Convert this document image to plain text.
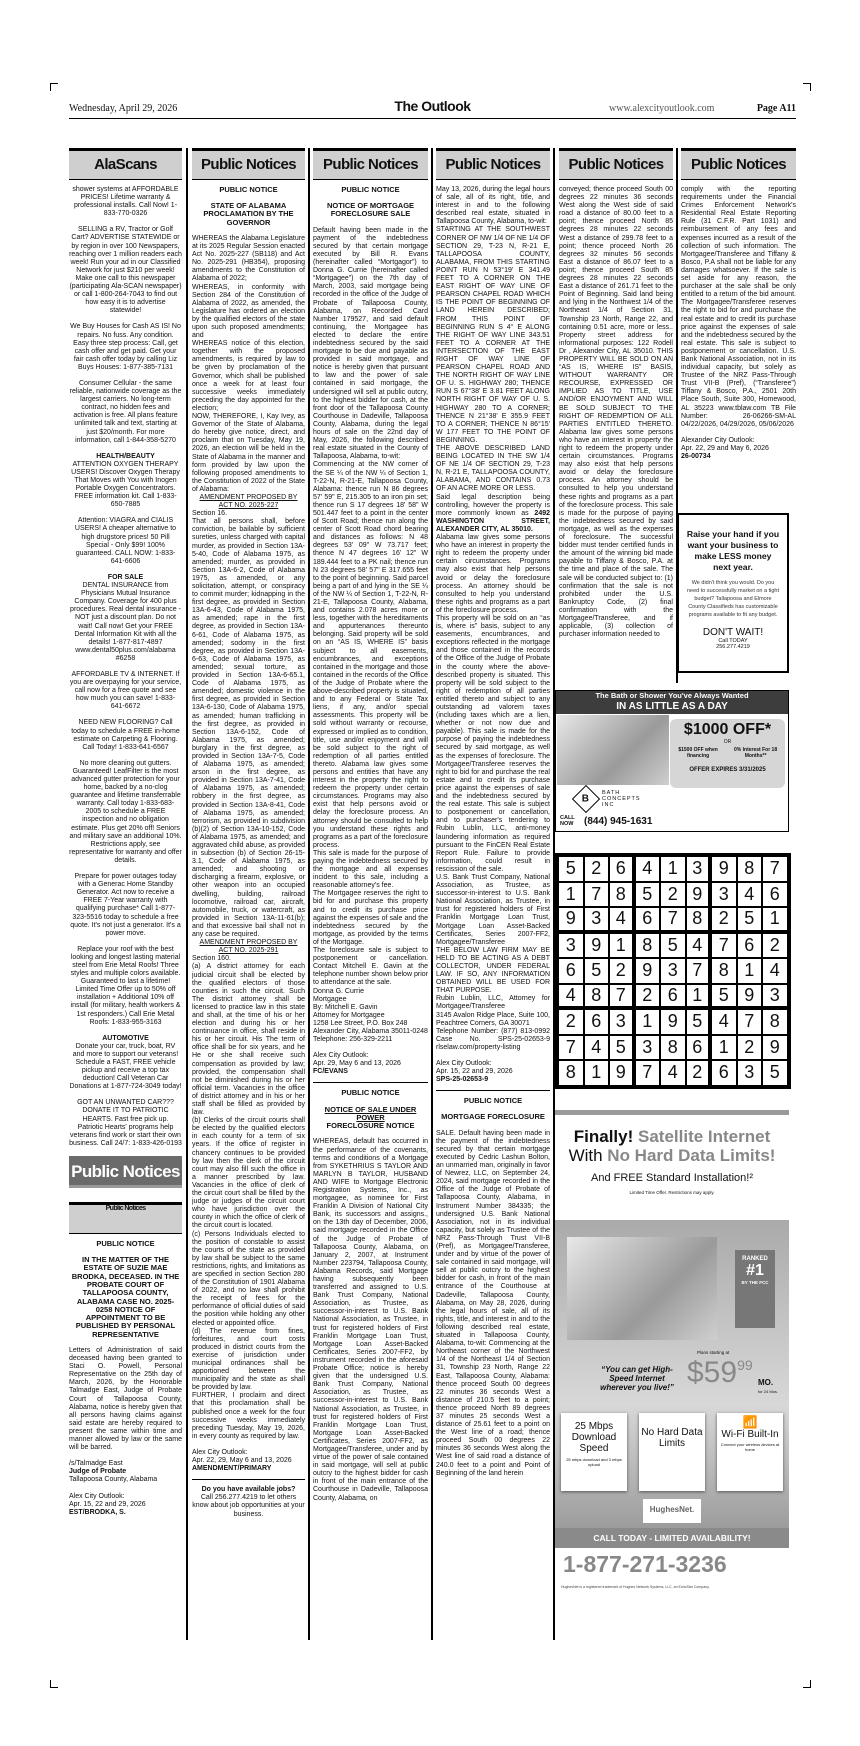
Wednesday, April 29, 2026	The Outlook	www.alexcityoutlook.com	Page A11
AlaScans
shower systems at AFFORDABLE PRICES! Lifetime warranty & professional installs. Call Now! 1-833-770-0326
SELLING a RV, Tractor or Golf Cart? ADVERTISE STATEWIDE or by region in over 100 Newspapers, reaching over 1 million readers each week! Run your ad in our Classified Network for just $210 per week! Make one call to this newspaper (participating Ala-SCAN newspaper) or call 1-800-264-7043 to find out how easy it is to advertise statewide!
We Buy Houses for Cash AS IS! No repairs. No fuss. Any condition. Easy three step process: Call, get cash offer and get paid. Get your fair cash offer today by calling Liz Buys Houses: 1-877-385-7131
Consumer Cellular - the same reliable, nationwide coverage as the largest carriers. No long-term contract, no hidden fees and activation is free. All plans feature unlimited talk and text, starting at just $20/month. For more information, call 1-844-358-5270
HEALTH/BEAUTY
ATTENTION OXYGEN THERAPY USERS! Discover Oxygen Therapy That Moves with You with Inogen Portable Oxygen Concentrators. FREE information kit. Call 1-833-650-7885
Attention: VIAGRA and CIALIS USERS! A cheaper alternative to high drugstore prices! 50 Pill Special - Only $99! 100% guaranteed. CALL NOW: 1-833-641-6606
FOR SALE
DENTAL INSURANCE from Physicians Mutual Insurance Company. Coverage for 400 plus procedures. Real dental insurance - NOT just a discount plan. Do not wait! Call now! Get your FREE Dental Information Kit with all the details! 1-877-817-4897 www.dental50plus.com/alabama #6258
AFFORDABLE TV & INTERNET. If you are overpaying for your service, call now for a free quote and see how much you can save! 1-833-641-6672
NEED NEW FLOORING? Call today to schedule a FREE in-home estimate on Carpeting & Flooring. Call Today! 1-833-641-6567
No more cleaning out gutters. Guaranteed! LeafFilter is the most advanced gutter protection for your home, backed by a no-clog guarantee and lifetime transferrable warranty. Call today 1-833-683-2005 to schedule a FREE inspection and no obligation estimate. Plus get 20% off! Seniors and military save an additional 10%. Restrictions apply, see representative for warranty and offer details.
Prepare for power outages today with a Generac Home Standby Generator. Act now to receive a FREE 7-Year warranty with qualifying purchase* Call 1-877-323-5516 today to schedule a free quote. It's not just a generator. It's a power move.
Replace your roof with the best looking and longest lasting material steel from Erie Metal Roofs! Three styles and multiple colors available. Guaranteed to last a lifetime! Limited Time Offer up to 50% off installation + Additional 10% off install (for military, health workers & 1st responders.) Call Erie Metal Roofs: 1-833-955-3163
AUTOMOTIVE
Donate your car, truck, boat, RV and more to support our veterans! Schedule a FAST, FREE vehicle pickup and receive a top tax deduction! Call Veteran Car Donations at 1-877-724-3049 today!
GOT AN UNWANTED CAR??? DONATE IT TO PATRIOTIC HEARTS. Fast free pick up. Patriotic Hearts' programs help veterans find work or start their own business. Call 24/7: 1-833-426-0193
Public Notices
Public Notices
PUBLIC NOTICE
IN THE MATTER OF THE ESTATE OF SUZIE MAE BRODKA, DECEASED. IN THE PROBATE COURT OF TALLAPOOSA COUNTY, ALABAMA CASE NO. 2025-0258 NOTICE OF APPOINTMENT TO BE PUBLISHED BY PERSONAL REPRESENTATIVE
Letters of Administration of said deceased having been granted to Staci O. Powell, Personal Representative on the 25th day of March, 2026, by the Honorable Talmadge East, Judge of Probate Court of Tallapoosa County, Alabama, notice is hereby given that all persons having claims against said estate are hereby required to present the same within time and manner allowed by law or the same will be barred.
/s/Talmadge East
Judge of Probate
Tallapoosa County, Alabama
Alex City Outlook:
Apr. 15, 22 and 29, 2026
EST/BRODKA, S.
Public Notices
PUBLIC NOTICE
STATE OF ALABAMA PROCLAMATION BY THE GOVERNOR
WHEREAS the Alabama Legislature at its 2025 Regular Session enacted Act No. 2025-227 (SB118) and Act No. 2025-291 (HB354), proposing amendments to the Constitution of Alabama of 2022;
WHEREAS, in conformity with Section 284 of the Constitution of Alabama of 2022, as amended, the Legislature has ordered an election by the qualified electors of the state upon such proposed amendments; and
WHEREAS notice of this election, together with the proposed amendments, is required by law to be given by proclamation of the Governor, which shall be published once a week for at least four successive weeks immediately preceding the day appointed for the election;
NOW, THEREFORE, I, Kay Ivey, as Governor of the State of Alabama, do hereby give notice, direct, and proclaim that on Tuesday, May 19, 2026, an election will be held in the State of Alabama in the manner and form provided by law upon the following proposed amendments to the Constitution of 2022 of the State of Alabama:
AMENDMENT PROPOSED BY ACT NO. 2025-227
Section 16.
That all persons shall, before conviction, be bailable by sufficient sureties, unless charged with capital murder, as provided in Section 13A-5-40, Code of Alabama 1975, as amended; murder, as provided in Section 13A-6-2, Code of Alabama 1975, as amended, or any solicitation, attempt, or conspiracy to commit murder; kidnapping in the first degree, as provided in Section 13A-6-43, Code of Alabama 1975, as amended; rape in the first degree, as provided in Section 13A-6-61, Code of Alabama 1975, as amended; sodomy in the first degree, as provided in Section 13A-6-63, Code of Alabama 1975, as amended; sexual torture, as provided in Section 13A-6-65.1, Code of Alabama 1975, as amended; domestic violence in the first degree, as provided in Section 13A-6-130, Code of Alabama 1975, as amended; human trafficking in the first degree, as provided in Section 13A-6-152, Code of Alabama 1975, as amended; burglary in the first degree, as provided in Section 13A-7-5, Code of Alabama 1975, as amended; arson in the first degree, as provided in Section 13A-7-41, Code of Alabama 1975, as amended; robbery in the first degree, as provided in Section 13A-8-41, Code of Alabama 1975, as amended; terrorism, as provided in subdivision (b)(2) of Section 13A-10-152, Code of Alabama 1975, as amended; and aggravated child abuse, as provided in subsection (b) of Section 26-15-3.1, Code of Alabama 1975, as amended; and shooting or discharging a firearm, explosive, or other weapon into an occupied dwelling, building, railroad locomotive, railroad car, aircraft, automobile, truck, or watercraft, as provided in Section 13A-11-61(b); and that excessive bail shall not in any case be required.
AMENDMENT PROPOSED BY ACT NO. 2025-291
Section 160.
(a) A district attorney for each judicial circuit shall be elected by the qualified electors of those counties in such the circuit. Such The district attorney shall be licensed to practice law in this state and shall, at the time of his or her election and during his or her continuance in office, shall reside in his or her circuit. His The term of office shall be for six years, and he He or she shall receive such compensation as provided by law; provided, the compensation shall not be diminished during his or her official term. Vacancies in the office of district attorney and in his or her staff shall be filled as provided by law.
(b) Clerks of the circuit courts shall be elected by the qualified electors in each county for a term of six years. If the office of register in chancery continues to be provided by law then the clerk of the circuit court may also fill such the office in a manner prescribed by law. Vacancies in the office of clerk of the circuit court shall be filled by the judge or judges of the circuit court who have jurisdiction over the county in which the office of clerk of the circuit court is located.
(c) Persons Individuals elected to the position of constable to assist the courts of the state as provided by law shall be subject to the same restrictions, rights, and limitations as are specified in section Section 280 of the Constitution of 1901 Alabama of 2022, and no law shall prohibit the receipt of fees for the performance of official duties of said the position while holding any other elected or appointed office.
(d) The revenue from fines, forfeitures, and court costs produced in district courts from the exercise of jurisdiction under municipal ordinances shall be apportioned between the municipality and the state as shall be provided by law.
FURTHER, I proclaim and direct that this proclamation shall be published once a week for the four successive weeks immediately preceding Tuesday, May 19, 2026, in every county as required by law.
Alex City Outlook:
Apr. 22, 29, May 6 and 13, 2026
AMENDMENT/PRIMARY
Do you have available jobs?
Call 256.277.4219 to let others know about job opportunities at your business.
Public Notices
PUBLIC NOTICE
NOTICE OF MORTGAGE FORECLOSURE SALE
Default having been made in the payment of the indebtedness secured by that certain mortgage executed by Bill R. Evans (hereinafter called “Mortgagor”) to Donna G. Currie (hereinafter called “Mortgagee”) on the 7th day of March, 2003, said mortgage being recorded in the office of the Judge of Probate of Tallapoosa County, Alabama, on Recorded Card Number 179527, and said default continuing, the Mortgagee has elected to declare the entire indebtedness secured by the said mortgage to be due and payable as provided in said mortgage, and notice is hereby given that pursuant to law and the power of sale contained in said mortgage, the undersigned will sell at public outcry, to the highest bidder for cash, at the front door of the Tallapoosa County Courthouse in Dadeville, Tallapoosa County, Alabama, during the legal hours of sale on the 22nd day of May, 2026, the following described real estate situated in the County of Tallapoosa, Alabama, to-wit:
Commencing at the NW corner of the SE ¼ of the NW ¼ of Section 1, T-22-N, R-21-E, Tallapoosa County, Alabama: thence run N 86 degrees 57' 59" E, 215.305 to an iron pin set; thence run S 17 degrees 18' 58" W 501.447 feet to a point in the center of Scott Road; thence run along the center of Scott Road chord bearing and distances as follows: N 48 degrees 53' 09" W 73.717 feet; thence N 47 degrees 16' 12" W 189.444 feet to a PK nail; thence run N 23 degrees 58' 57" E 317.655 feet to the point of beginning. Said parcel being a part of and lying in the SE ¼ of the NW ¼ of Section 1, T-22-N, R-21-E, Tallapoosa County, Alabama, and contains 2.078 acres more or less, together with the hereditaments and appurtenances thereunto belonging. Said property will be sold on an “AS IS, WHERE IS” basis subject to all easements, encumbrances, and exceptions contained in the mortgage and those contained in the records of the Office of the Judge of Probate where the above-described property is situated, and to any Federal or State Tax liens, if any, and/or special assessments. This property will be sold without warranty or recourse, expressed or implied as to condition, title, use and/or enjoyment and will be sold subject to the right of redemption of all parties entitled thereto. Alabama law gives some persons and entities that have any interest in the property the right to redeem the property under certain circumstances. Programs may also exist that help persons avoid or delay the foreclosure process. An attorney should be consulted to help you understand these rights and programs as a part of the foreclosure process.
This sale is made for the purpose of paying the indebtedness secured by the mortgage and all expenses incident to this sale, including a reasonable attorney's fee.
The Mortgagee reserves the right to bid for and purchase this property and to credit its purchase price against the expenses of sale and the indebtedness secured by the mortgage, as provided by the terms of the Mortgage.
The foreclosure sale is subject to postponement or cancellation. Contact Mitchell E. Gavin at the telephone number shown below prior to attendance at the sale.
Donna G. Currie
Mortgagee
By: Mitchell E. Gavin
Attorney for Mortgagee
1258 Lee Street, P.O. Box 248
Alexander City, Alabama 35011-0248
Telephone: 256-329-2211
Alex City Outlook:
Apr. 29, May 6 and 13, 2026
FC/EVANS
PUBLIC NOTICE
NOTICE OF SALE UNDER POWER
FORECLOSURE NOTICE
WHEREAS, default has occurred in the performance of the covenants, terms and conditions of a Mortgage from SYKETHRIUS S TAYLOR AND MARLYN B TAYLOR, HUSBAND AND WIFE to Mortgage Electronic Registration Systems, Inc., as mortgagee, as nominee for First Franklin A Division of National City Bank, its successors and assigns., on the 13th day of December, 2006, said mortgage recorded in the Office of the Judge of Probate of Tallapoosa County, Alabama, on January 2, 2007, at Instrument Number 223794, Tallapoosa County, Alabama Records, said Mortgage having subsequently been transferred and assigned to U.S. Bank Trust Company, National Association, as Trustee, as successor-in-interest to U.S. Bank National Association, as Trustee, in trust for registered holders of First Franklin Mortgage Loan Trust, Mortgage Loan Asset-Backed Certificates, Series 2007-FF2, by instrument recorded in the aforesaid Probate Office; notice is hereby given that the undersigned U.S. Bank Trust Company, National Association, as Trustee, as successor-in-interest to U.S. Bank National Association, as Trustee, in trust for registered holders of First Franklin Mortgage Loan Trust, Mortgage Loan Asset-Backed Certificates, Series 2007-FF2, as Mortgagee/Transferee, under and by virtue of the power of sale contained in said mortgage, will sell at public outcry to the highest bidder for cash in front of the main entrance of the Courthouse in Dadeville, Tallapoosa County, Alabama, on
Public Notices
May 13, 2026, during the legal hours of sale, all of its right, title, and interest in and to the following described real estate, situated in Tallapoosa County, Alabama, to-wit:
STARTING AT THE SOUTHWEST CORNER OF NW 1/4 OF NE 1/4 OF SECTION 29, T-23 N, R-21 E, TALLAPOOSA COUNTY, ALABAMA, FROM THIS STARTING POINT RUN N 53°19' E 341.49 FEET TO A CORNER ON THE EAST RIGHT OF WAY LINE OF PEARSON CHAPEL ROAD WHICH IS THE POINT OF BEGINNING OF LAND HEREIN DESCRIBED; FROM THIS POINT OF BEGINNING RUN S 4° E ALONG THE RIGHT OF WAY LINE 343.51 FEET TO A CORNER AT THE INTERSECTION OF THE EAST RIGHT OF WAY LINE OF PEARSON CHAPEL ROAD AND THE NORTH RIGHT OF WAY LINE OF U. S. HIGHWAY 280; THENCE RUN S 67°38' E 3.81 FEET ALONG NORTH RIGHT OF WAY OF U. S. HIGHWAY 280 TO A CORNER; THENCE N 21°38' E 355.9 FEET TO A CORNER; THENCE N 86°15' W 177 FEET TO THE POINT OF BEGINNING.
THE ABOVE DESCRIBED LAND BEING LOCATED IN THE SW 1/4 OF NE 1/4 OF SECTION 29, T-23 N, R-21 E, TALLAPOOSA COUNTY, ALABAMA, AND CONTAINS 0.73 OF AN ACRE MORE OR LESS.
Said legal description being controlling, however the property is more commonly known as 2492 WASHINGTON STREET, ALEXANDER CITY, AL 35010.
Alabama law gives some persons who have an interest in property the right to redeem the property under certain circumstances. Programs may also exist that help persons avoid or delay the foreclosure process. An attorney should be consulted to help you understand these rights and programs as a part of the foreclosure process.
This property will be sold on an “as is, where is” basis, subject to any easements, encumbrances, and exceptions reflected in the mortgage and those contained in the records of the Office of the Judge of Probate in the county where the above-described property is situated. This property will be sold subject to the right of redemption of all parties entitled thereto and subject to any outstanding ad valorem taxes (including taxes which are a lien, whether or not now due and payable). This sale is made for the purpose of paying the indebtedness secured by said mortgage, as well as the expenses of foreclosure. The Mortgagee/Transferee reserves the right to bid for and purchase the real estate and to credit its purchase price against the expenses of sale and the indebtedness secured by the real estate. This sale is subject to postponement or cancellation, and to purchaser's tendering to Rubin Lublin, LLC, anti-money laundering information as required pursuant to the FinCEN Real Estate Report Rule. Failure to provide information, could result in rescission of the sale.
U.S. Bank Trust Company, National Association, as Trustee, as successor-in-interest to U.S. Bank National Association, as Trustee, in trust for registered holders of First Franklin Mortgage Loan Trust, Mortgage Loan Asset-Backed Certificates, Series 2007-FF2, Mortgagee/Transferee
THE BELOW LAW FIRM MAY BE HELD TO BE ACTING AS A DEBT COLLECTOR, UNDER FEDERAL LAW. IF SO, ANY INFORMATION OBTAINED WILL BE USED FOR THAT PURPOSE.
Rubin Lublin, LLC, Attorney for Mortgagee/Transferee
3145 Avalon Ridge Place, Suite 100, Peachtree Corners, GA 30071
Telephone Number: (877) 813-0992 Case No. SPS-25-02653-9 rlselaw.com/property-listing
Alex City Outlook:
Apr. 15, 22 and 29, 2026
SPS-25-02653-9
PUBLIC NOTICE
MORTGAGE FORECLOSURE
SALE. Default having been made in the payment of the indebtedness secured by that certain mortgage executed by Cedric Lashun Bolton, an unmarried man, originally in favor of Newrez, LLC, on September 24, 2024, said mortgage recorded in the Office of the Judge of Probate of Tallapoosa County, Alabama, in Instrument Number 384335; the undersigned U.S. Bank National Association, not in its individual capacity, but solely as Trustee of the NRZ Pass-Through Trust VII-B (Pref), as Mortgagee/Transferee, under and by virtue of the power of sale contained in said mortgage, will sell at public outcry to the highest bidder for cash, in front of the main entrance of the Courthouse at Dadeville, Tallapoosa County, Alabama, on May 28, 2026, during the legal hours of sale, all of its rights, title, and interest in and to the following described real estate, situated in Tallapoosa County, Alabama, to-wit: Commencing at the Northeast corner of the Northwest 1/4 of the Northeast 1/4 of Section 31, Township 23 North, Range 22 East, Tallapoosa County, Alabama: thence proceed South 00 degrees 22 minutes 36 seconds West a distance of 210.5 feet to a point; thence proceed North 89 degrees 37 minutes 25 seconds West a distance of 25.61 feet to a point on the West line of a road; thence proceed South 00 degrees 22 minutes 36 seconds West along the West line of said road a distance of 240.0 feet to a point and Point of Beginning of the land herein
Public Notices
conveyed; thence proceed South 00 degrees 22 minutes 36 seconds West along the West side of said road a distance of 80.00 feet to a point; thence proceed North 85 degrees 28 minutes 22 seconds West a distance of 299.78 feet to a point; thence proceed North 26 degrees 32 minutes 56 seconds East a distance of 86.07 feet to a point; thence proceed South 85 degrees 28 minutes 22 seconds East a distance of 261.71 feet to the Point of Beginning. Said land being and lying in the Northwest 1/4 of the Northeast 1/4 of Section 31, Township 23 North, Range 22, and containing 0.51 acre, more or less.. Property street address for informational purposes: 122 Rodell Dr , Alexander City, AL 35010. THIS PROPERTY WILL BE SOLD ON AN “AS IS, WHERE IS” BASIS, WITHOUT WARRANTY OR RECOURSE, EXPRESSED OR IMPLIED AS TO TITLE, USE AND/OR ENJOYMENT AND WILL BE SOLD SUBJECT TO THE RIGHT OF REDEMPTION OF ALL PARTIES ENTITLED THERETO. Alabama law gives some persons who have an interest in property the right to redeem the property under certain circumstances. Programs may also exist that help persons avoid or delay the foreclosure process. An attorney should be consulted to help you understand these rights and programs as a part of the foreclosure process. This sale is made for the purpose of paying the indebtedness secured by said mortgage, as well as the expenses of foreclosure. The successful bidder must tender certified funds in the amount of the winning bid made payable to Tiffany & Bosco, P.A. at the time and place of the sale. The sale will be conducted subject to: (1) confirmation that the sale is not prohibited under the U.S. Bankruptcy Code, (2) final confirmation with the Mortgagee/Transferee, and if applicable, (3) collection of purchaser information needed to
Public Notices
comply with the reporting requirements under the Financial Crimes Enforcement Network's Residential Real Estate Reporting Rule (31 C.F.R. Part 1031) and reimbursement of any fees and expenses incurred as a result of the collection of such information. The Mortgagee/Transferee and Tiffany & Bosco, P.A shall not be liable for any damages whatsoever. If the sale is set aside for any reason, the purchaser at the sale shall be only entitled to a return of the bid amount. The Mortgagee/Transferee reserves the right to bid for and purchase the real estate and to credit its purchase price against the expenses of sale and the indebtedness secured by the real estate. This sale is subject to postponement or cancellation. U.S. Bank National Association, not in its individual capacity, but solely as Trustee of the NRZ Pass-Through Trust VII-B (Pref), (“Transferee”) Tiffany & Bosco, P.A., 2501 20th Place South, Suite 300, Homewood, AL 35223 www.tblaw.com TB File Number: 26-06266-SM-AL 04/22/2026, 04/29/2026, 05/06/2026
Alexander City Outlook:
Apr. 22, 29 and May 6, 2026
26-00734
Raise your hand if you want your business to make LESS money next year.
We didn't think you would. Do you need to successfully market on a tight budget? Tallapoosa and Elmore County Classifieds has customizable programs available to fit any budget.
DON'T WAIT!
Call TODAY
256.277.4219
The Bath or Shower You've Always Wanted
IN AS LITTLE AS A DAY
$1000 OFF*
OR
$1500 OFF when financing
0% Interest For 18 Months**
OFFER EXPIRES 3/31/2025
B
BATH CONCEPTS INC
CALL NOW	(844) 945-1631
5 2 6 4 1 3 9 8 7
1 7 8 5 2 9 3 4 6
9 3 4 6 7 8 2 5 1
3 9 1 8 5 4 7 6 2
6 5 2 9 3 7 8 1 4
4 8 7 2 6 1 5 9 3
2 6 3 1 9 5 4 7 8
7 4 5 3 8 6 1 2 9
8 1 9 7 4 2 6 3 5
Finally! Satellite Internet
With No Hard Data Limits!
And FREE Standard Installation!²
Limited Time Offer. Restrictions may apply.
RANKED
#1
BY THE FCC
“You can get High-Speed Internet wherever you live!”
Plans starting at
$5999
MO.
for 24 Mos.
25 Mbps Download Speed
25 mbps download and 3 mbps upload
No Hard Data Limits
📶
Wi-Fi Built-In
Connect your wireless devices at home
HughesNet.
CALL TODAY - LIMITED AVAILABILITY!
1-877-271-3236
HughesNet is a registered trademark of Hughes Network Systems, LLC, an EchoStar Company.
